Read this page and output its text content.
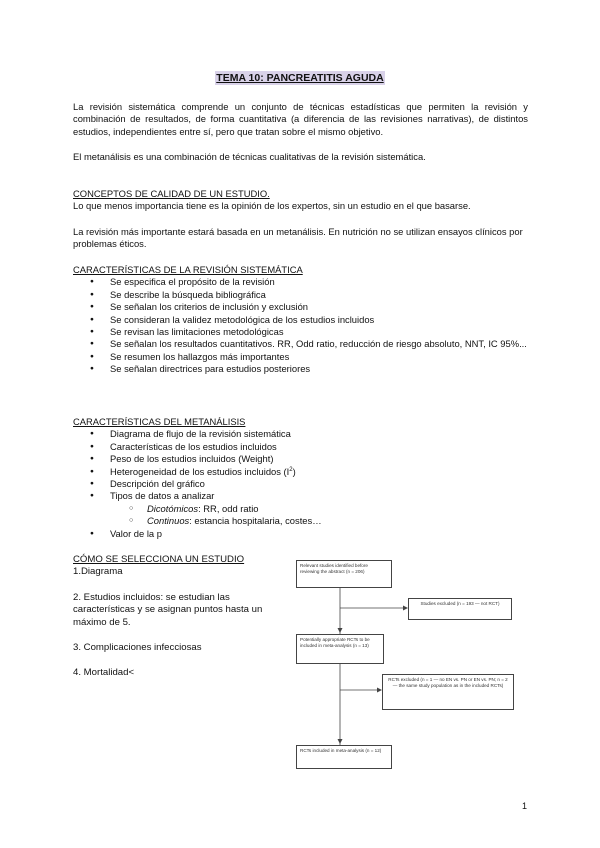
TEMA 10: PANCREATITIS AGUDA

La revisión sistemática comprende un conjunto de técnicas estadísticas que permiten la revisión y combinación de resultados, de forma cuantitativa (a diferencia de las revisiones narrativas), de distintos estudios, independientes entre sí, pero que tratan sobre el mismo objetivo.

El metanálisis es una combinación de técnicas cualitativas de la revisión sistemática.

CONCEPTOS DE CALIDAD DE UN ESTUDIO.

Lo que menos importancia tiene es la opinión de los expertos, sin un estudio en el que basarse.

La revisión más importante estará basada en un metanálisis. En nutrición no se utilizan ensayos clínicos por problemas éticos.

CARACTERÍSTICAS DE LA REVISIÓN SISTEMÁTICA

● Se especifica el propósito de la revisión
● Se describe la búsqueda bibliográfica
● Se señalan los criterios de inclusión y exclusión
● Se consideran la validez metodológica de los estudios incluidos
● Se revisan las limitaciones metodológicas
● Se señalan los resultados cuantitativos. RR, Odd ratio, reducción de riesgo absoluto, NNT, IC 95%...
● Se resumen los hallazgos más importantes
● Se señalan directrices para estudios posteriores

CARACTERÍSTICAS DEL METANÁLISIS

● Diagrama de flujo de la revisión sistemática
● Características de los estudios incluidos
● Peso de los estudios incluidos (Weight)
● Heterogeneidad de los estudios incluidos $(I^2)$
● Descripción del gráfico
● Tipos de datos a analizar
○ Dicotómicos: RR, odd ratio
○ Continuos: estancia hospitalaria, costes…
● Valor de la p

CÓMO SE SELECCIONA UN ESTUDIO

1.Diagrama

2. Estudios incluidos: se estudian las características y se asignan puntos hasta un máximo de 5.

3. Complicaciones infecciosas

4. Mortalidad<

Relevant studies identified before reviewing the abstract (n = 206)
Studies excluded (n = 193 — not RCT)
Potentially appropriate RCTs to be included in meta-analysis (n = 13)
RCTs excluded (n = 1 — no EN vs. PN or EN vs. PN; n = 2 — the same study population as in the included RCTs)
RCTs included in meta-analysis (n = 12)
1
